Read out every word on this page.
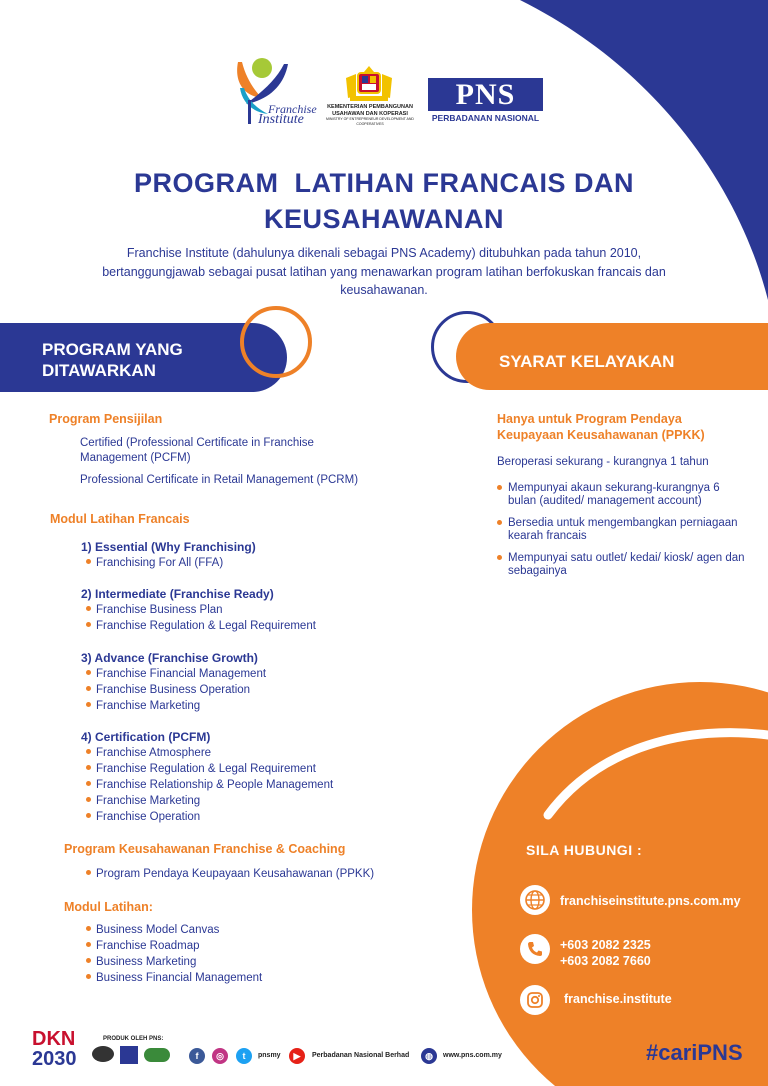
Franchise
Institute
KEMENTERIAN PEMBANGUNAN
USAHAWAN DAN KOPERASI
MINISTRY OF ENTREPRENEUR DEVELOPMENT AND COOPERATIVES
PNS
PERBADANAN NASIONAL
PROGRAM  LATIHAN FRANCAIS DAN
KEUSAHAWANAN
Franchise Institute (dahulunya dikenali sebagai PNS Academy) ditubuhkan pada tahun 2010, bertanggungjawab sebagai pusat latihan yang menawarkan program latihan berfokuskan francais dan keusahawanan.
PROGRAM YANG
DITAWARKAN	SYARAT KELAYAKAN
Program Pensijilan
Certified (Professional Certificate in Franchise Management (PCFM)
Professional Certificate in Retail Management (PCRM)
Modul Latihan Francais
1) Essential (Why Franchising)
Franchising For All (FFA)
2) Intermediate (Franchise Ready)
Franchise Business Plan
Franchise Regulation & Legal Requirement
3) Advance (Franchise Growth)
Franchise Financial Management
Franchise Business Operation
Franchise Marketing
4) Certification (PCFM)
Franchise Atmosphere
Franchise Regulation & Legal Requirement
Franchise Relationship & People Management
Franchise Marketing
Franchise Operation
Program Keusahawanan Franchise & Coaching
Program Pendaya Keupayaan Keusahawanan (PPKK)
Modul Latihan:
Business Model Canvas
Franchise Roadmap
Business Marketing
Business Financial Management
Hanya untuk Program Pendaya Keupayaan Keusahawanan (PPKK)
Beroperasi sekurang - kurangnya 1 tahun
Mempunyai akaun sekurang-kurangnya 6 bulan (audited/ management account)
Bersedia untuk mengembangkan perniagaan kearah francais
Mempunyai satu outlet/ kedai/ kiosk/ agen dan sebagainya
SILA HUBUNGI :
franchiseinstitute.pns.com.my
+603 2082 2325
+603 2082 7660
franchise.institute
DKN
2030
PRODUK OLEH PNS:
f	◎	t	pnsmy	▶	Perbadanan Nasional Berhad	◍	www.pns.com.my	#cariPNS
